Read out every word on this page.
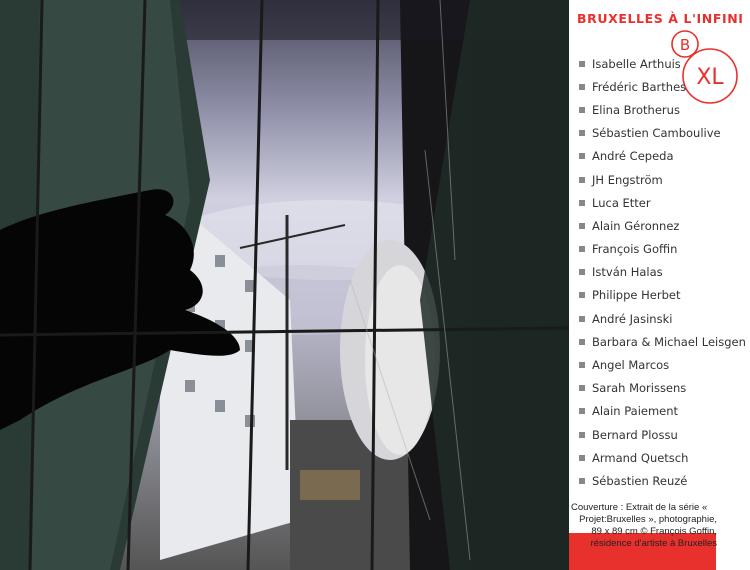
BRUXELLES À L'INFINI
B
XL
Isabelle Arthuis
Frédéric Barthes
Elina Brotherus
Sébastien Camboulive
André Cepeda
JH Engström
Luca Etter
Alain Géronnez
François Goffin
István Halas
Philippe Herbet
André Jasinski
Barbara & Michael Leisgen
Angel Marcos
Sarah Morissens
Alain Paiement
Bernard Plossu
Armand Quetsch
Sébastien Reuzé

Couverture : Extrait de la série «
Projet:Bruxelles », photographie,
89 x 89 cm © François Goffin,
résidence d'artiste à Bruxelles
